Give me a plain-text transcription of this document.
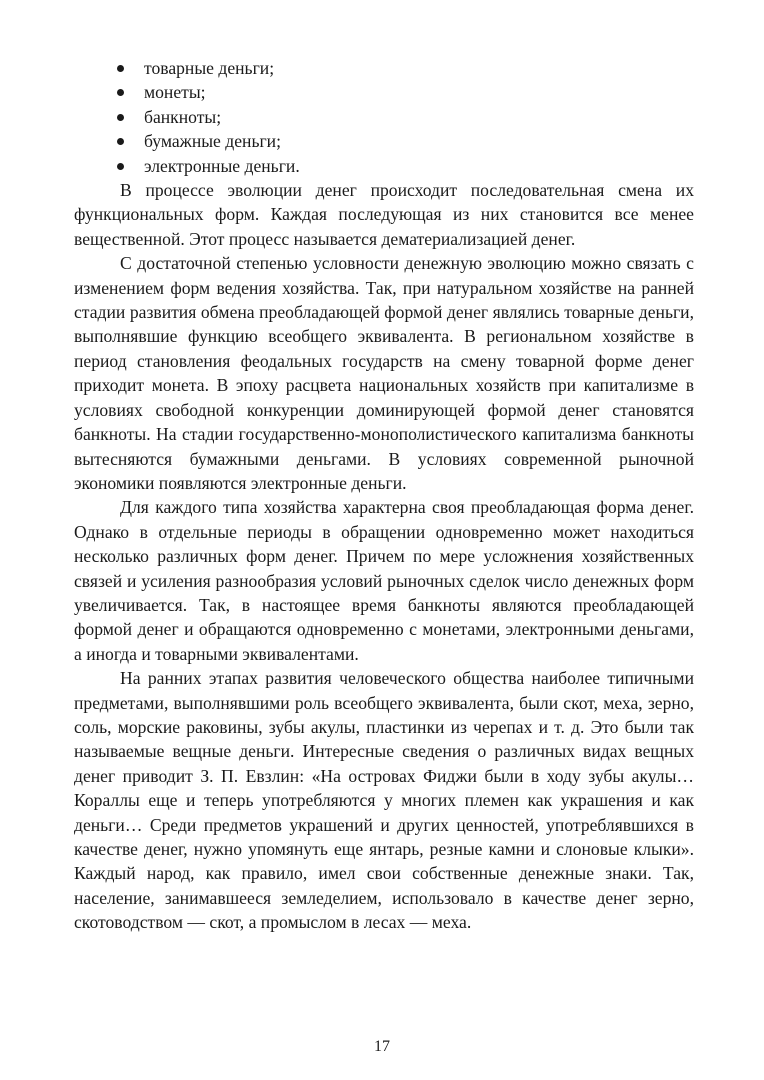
товарные деньги;
монеты;
банкноты;
бумажные деньги;
электронные деньги.

В процессе эволюции денег происходит последовательная смена их функциональных форм. Каждая последующая из них становится все менее вещественной. Этот процесс называется дематериализацией денег.

С достаточной степенью условности денежную эволюцию можно связать с изменением форм ведения хозяйства. Так, при натуральном хозяйстве на ранней стадии развития обмена преобладающей формой денег являлись товарные деньги, выполнявшие функцию всеобщего эквивалента. В региональном хозяйстве в период становления феодальных государств на смену товарной форме денег приходит монета. В эпоху расцвета национальных хозяйств при капитализме в условиях свободной конкуренции доминирующей формой денег становятся банкноты. На стадии государственно-монополистического капитализма банкноты вытесняются бумажными деньгами. В условиях современной рыночной экономики появляются электронные деньги.

Для каждого типа хозяйства характерна своя преобладающая форма денег. Однако в отдельные периоды в обращении одновременно может находиться несколько различных форм денег. Причем по мере усложнения хозяйственных связей и усиления разнообразия условий рыночных сделок число денежных форм увеличивается. Так, в настоящее время банкноты являются преобладающей формой денег и обращаются одновременно с монетами, электронными деньгами, а иногда и товарными эквивалентами.

На ранних этапах развития человеческого общества наиболее типичными предметами, выполнявшими роль всеобщего эквивалента, были скот, меха, зерно, соль, морские раковины, зубы акулы, пластинки из черепах и т. д. Это были так называемые вещные деньги. Интересные сведения о различных видах вещных денег приводит З. П. Евзлин: «На островах Фиджи были в ходу зубы акулы… Кораллы еще и теперь употребляются у многих племен как украшения и как деньги… Среди предметов украшений и других ценностей, употреблявшихся в качестве денег, нужно упомянуть еще янтарь, резные камни и слоновые клыки». Каждый народ, как правило, имел свои собственные денежные знаки. Так, население, занимавшееся земледелием, использовало в качестве денег зерно, скотоводством — скот, а промыслом в лесах — меха.

17
